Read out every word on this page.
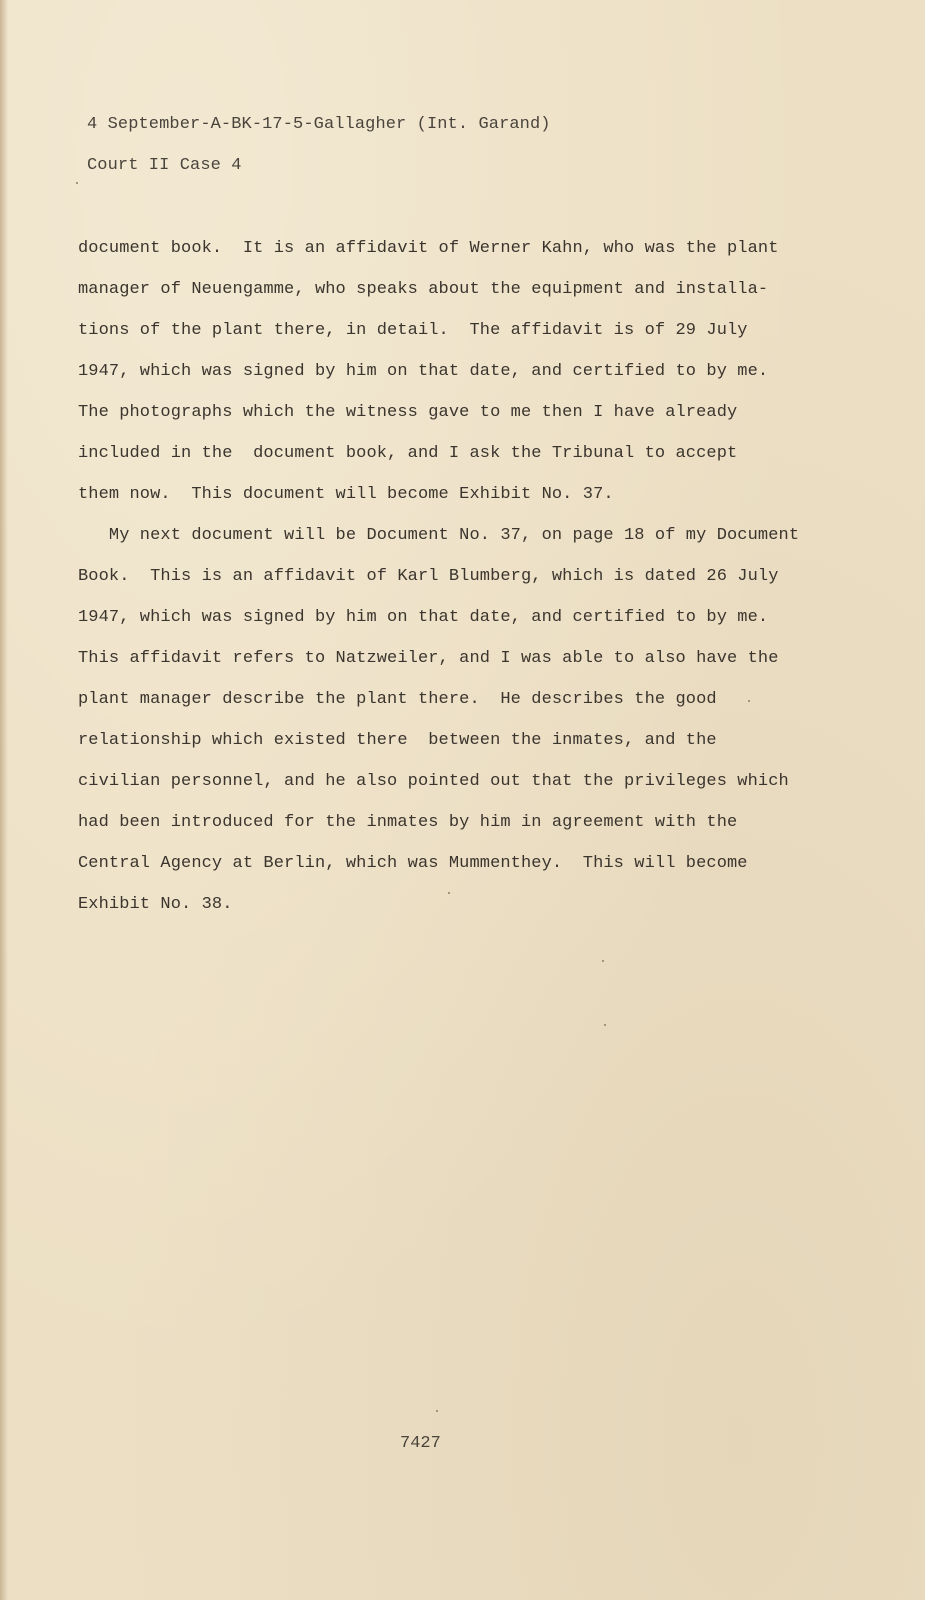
4 September-A-BK-17-5-Gallagher (Int. Garand)
Court II Case 4
document book.  It is an affidavit of Werner Kahn, who was the plant
manager of Neuengamme, who speaks about the equipment and installa-
tions of the plant there, in detail.  The affidavit is of 29 July
1947, which was signed by him on that date, and certified to by me.
The photographs which the witness gave to me then I have already
included in the  document book, and I ask the Tribunal to accept
them now.  This document will become Exhibit No. 37.
My next document will be Document No. 37, on page 18 of my Document
Book.  This is an affidavit of Karl Blumberg, which is dated 26 July
1947, which was signed by him on that date, and certified to by me.
This affidavit refers to Natzweiler, and I was able to also have the
plant manager describe the plant there.  He describes the good
relationship which existed there  between the inmates, and the
civilian personnel, and he also pointed out that the privileges which
had been introduced for the inmates by him in agreement with the
Central Agency at Berlin, which was Mummenthey.  This will become
Exhibit No. 38.
7427
